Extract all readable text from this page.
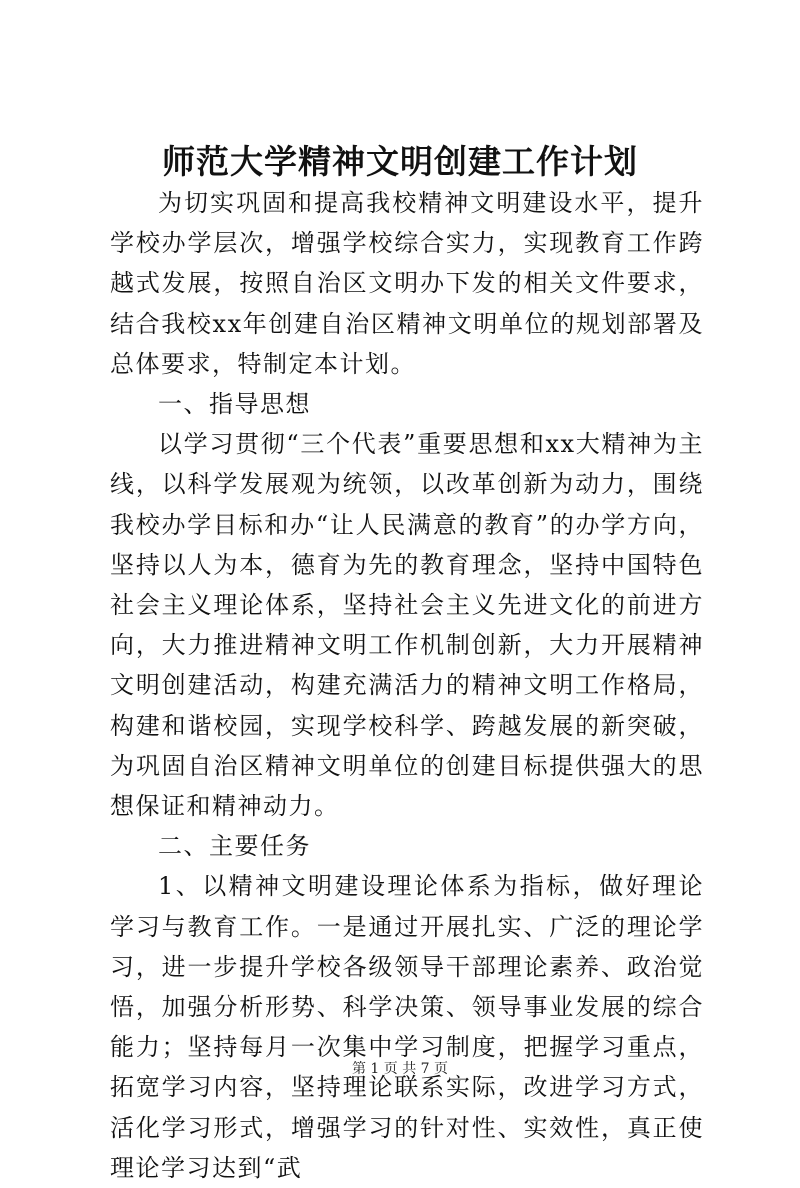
师范大学精神文明创建工作计划

为切实巩固和提高我校精神文明建设水平，提升学校办学层次，增强学校综合实力，实现教育工作跨越式发展，按照自治区文明办下发的相关文件要求，结合我校xx年创建自治区精神文明单位的规划部署及总体要求，特制定本计划。

一、指导思想

以学习贯彻“三个代表”重要思想和xx大精神为主线，以科学发展观为统领，以改革创新为动力，围绕我校办学目标和办“让人民满意的教育”的办学方向，坚持以人为本，德育为先的教育理念，坚持中国特色社会主义理论体系，坚持社会主义先进文化的前进方向，大力推进精神文明工作机制创新，大力开展精神文明创建活动，构建充满活力的精神文明工作格局，构建和谐校园，实现学校科学、跨越发展的新突破，为巩固自治区精神文明单位的创建目标提供强大的思想保证和精神动力。

二、主要任务

1、以精神文明建设理论体系为指标，做好理论学习与教育工作。一是通过开展扎实、广泛的理论学习，进一步提升学校各级领导干部理论素养、政治觉悟，加强分析形势、科学决策、领导事业发展的综合能力；坚持每月一次集中学习制度，把握学习重点，拓宽学习内容，坚持理论联系实际，改进学习方式，活化学习形式，增强学习的针对性、实效性，真正使理论学习达到“武

第 1 页 共 7 页
